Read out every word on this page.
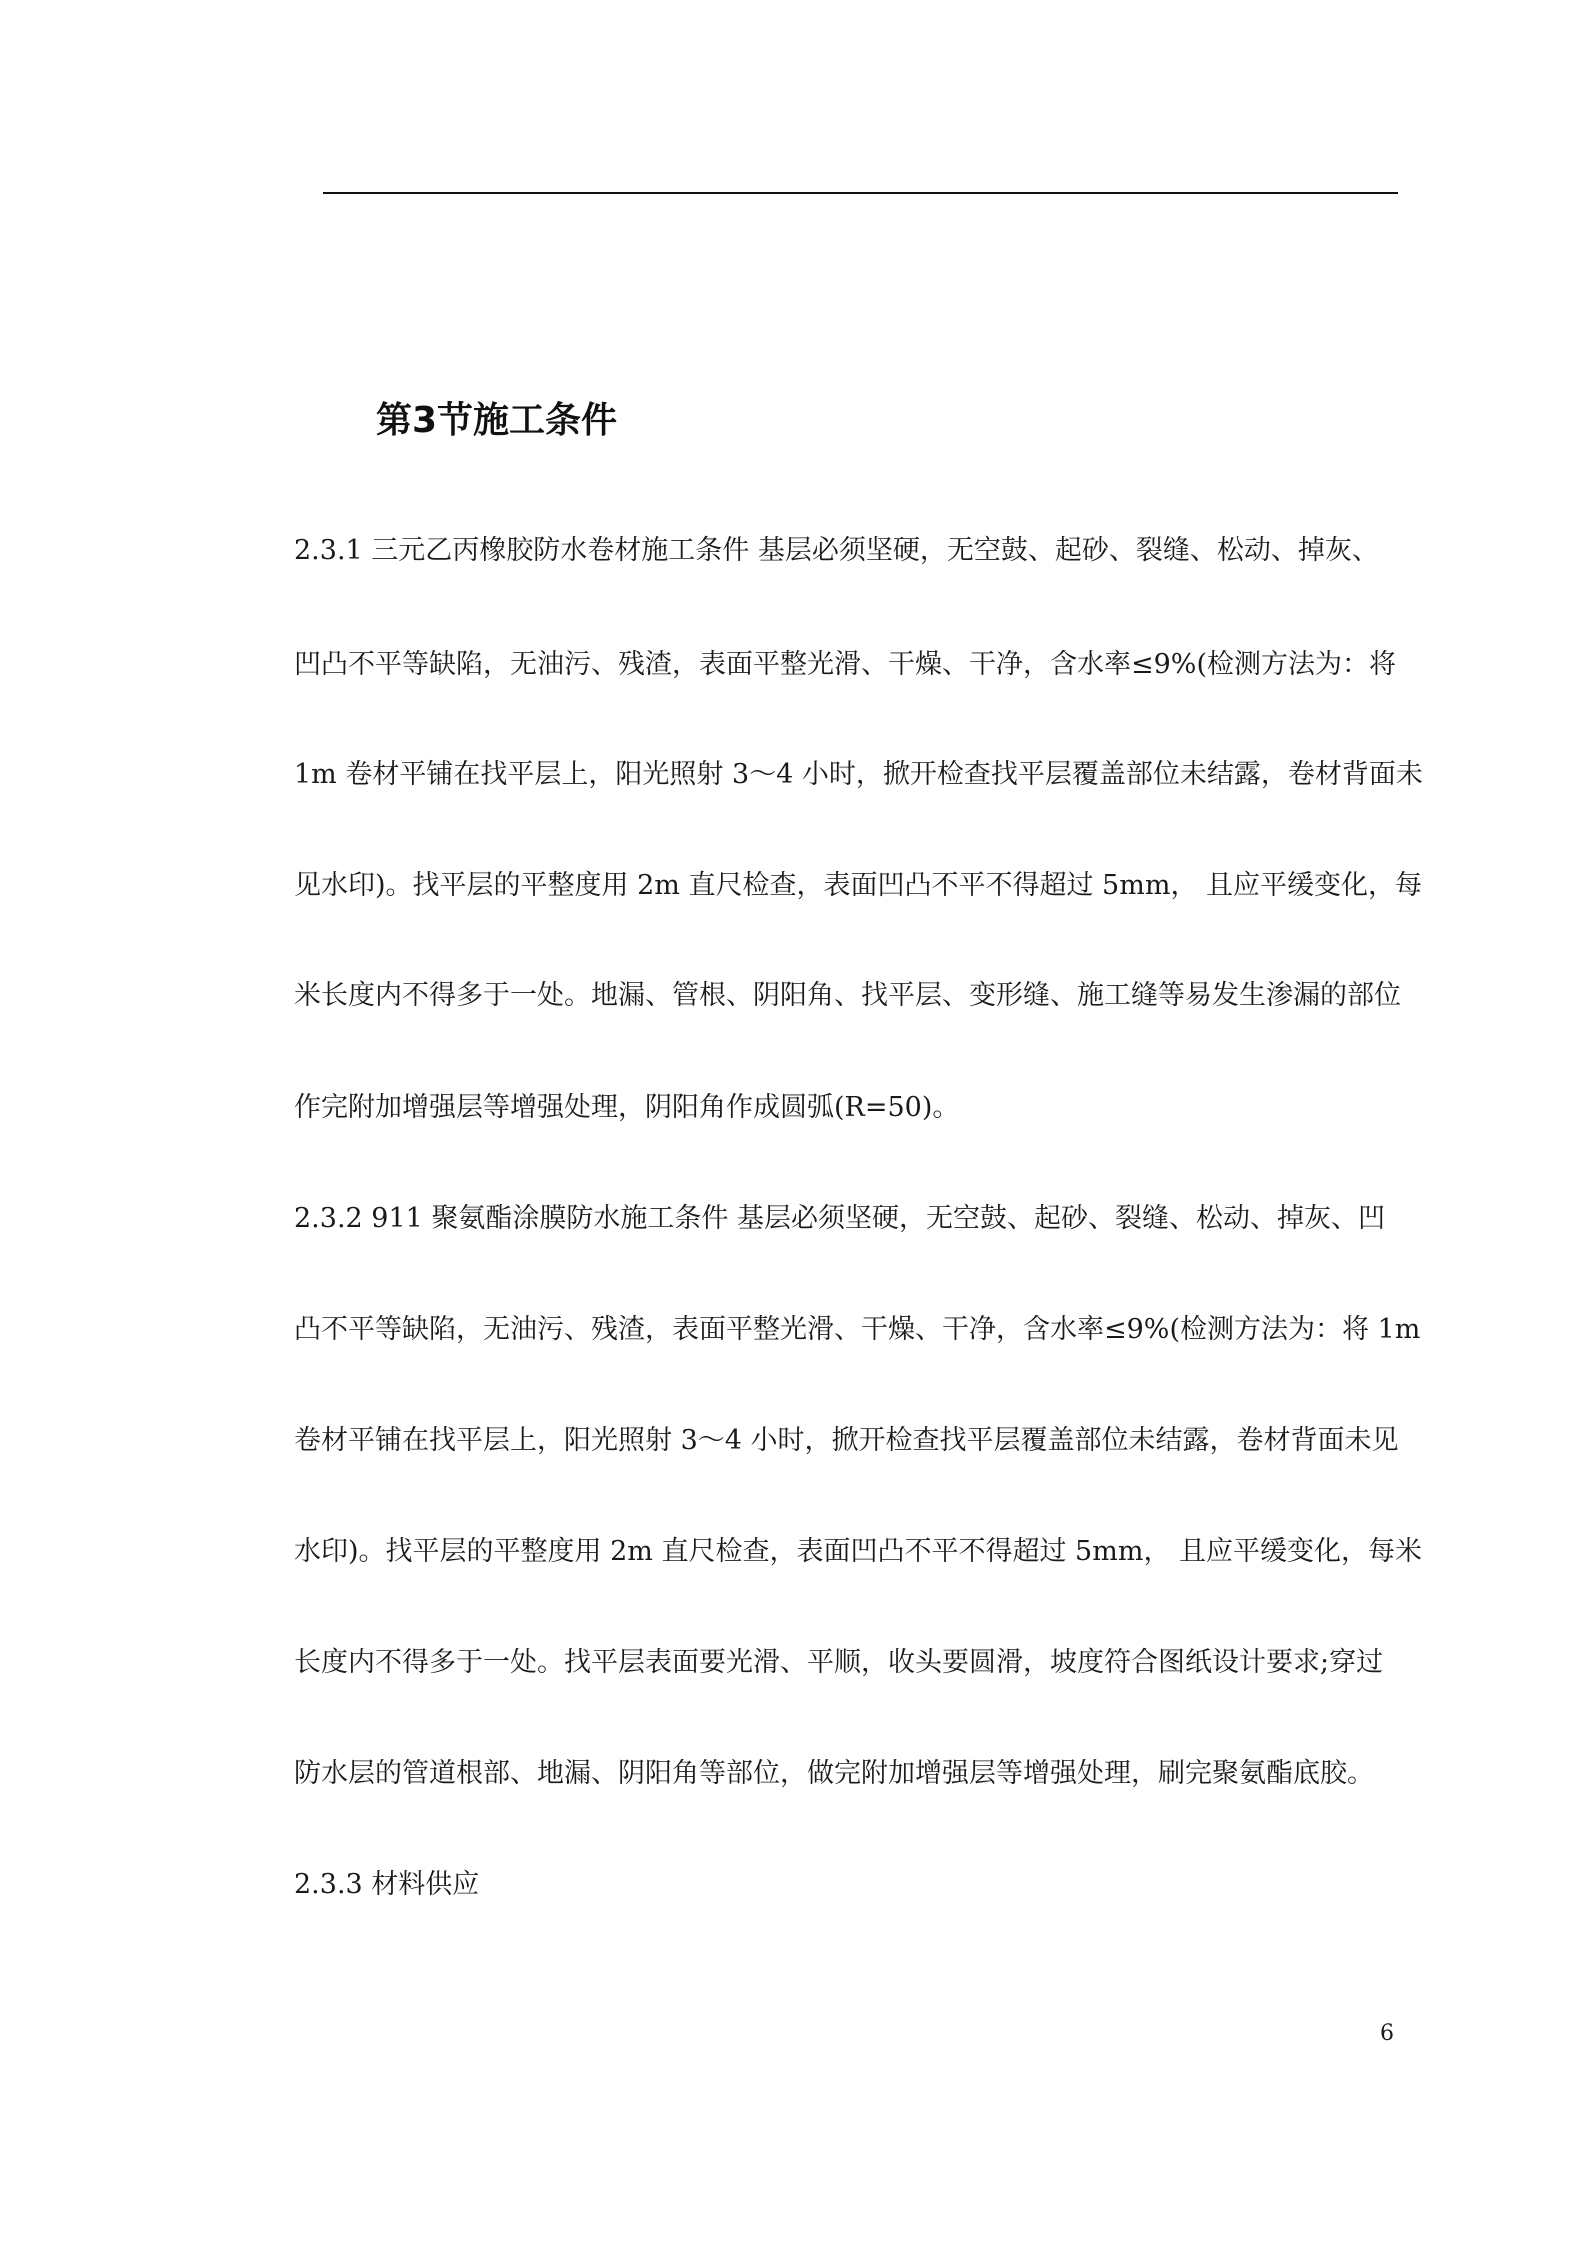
第3节施工条件

2.3.1 三元乙丙橡胶防水卷材施工条件 基层必须坚硬，无空鼓、起砂、裂缝、松动、掉灰、

凹凸不平等缺陷，无油污、残渣，表面平整光滑、干燥、干净，含水率≤9%(检测方法为：将

1m 卷材平铺在找平层上，阳光照射 3～4 小时，掀开检查找平层覆盖部位未结露，卷材背面未

见水印)。找平层的平整度用 2m 直尺检查，表面凹凸不平不得超过 5mm， 且应平缓变化，每

米长度内不得多于一处。地漏、管根、阴阳角、找平层、变形缝、施工缝等易发生渗漏的部位

作完附加增强层等增强处理，阴阳角作成圆弧(R=50)。

2.3.2 911 聚氨酯涂膜防水施工条件 基层必须坚硬，无空鼓、起砂、裂缝、松动、掉灰、凹

凸不平等缺陷，无油污、残渣，表面平整光滑、干燥、干净，含水率≤9%(检测方法为：将 1m

卷材平铺在找平层上，阳光照射 3～4 小时，掀开检查找平层覆盖部位未结露，卷材背面未见

水印)。找平层的平整度用 2m 直尺检查，表面凹凸不平不得超过 5mm， 且应平缓变化，每米

长度内不得多于一处。找平层表面要光滑、平顺，收头要圆滑，坡度符合图纸设计要求;穿过

防水层的管道根部、地漏、阴阳角等部位，做完附加增强层等增强处理，刷完聚氨酯底胶。

2.3.3 材料供应

6
